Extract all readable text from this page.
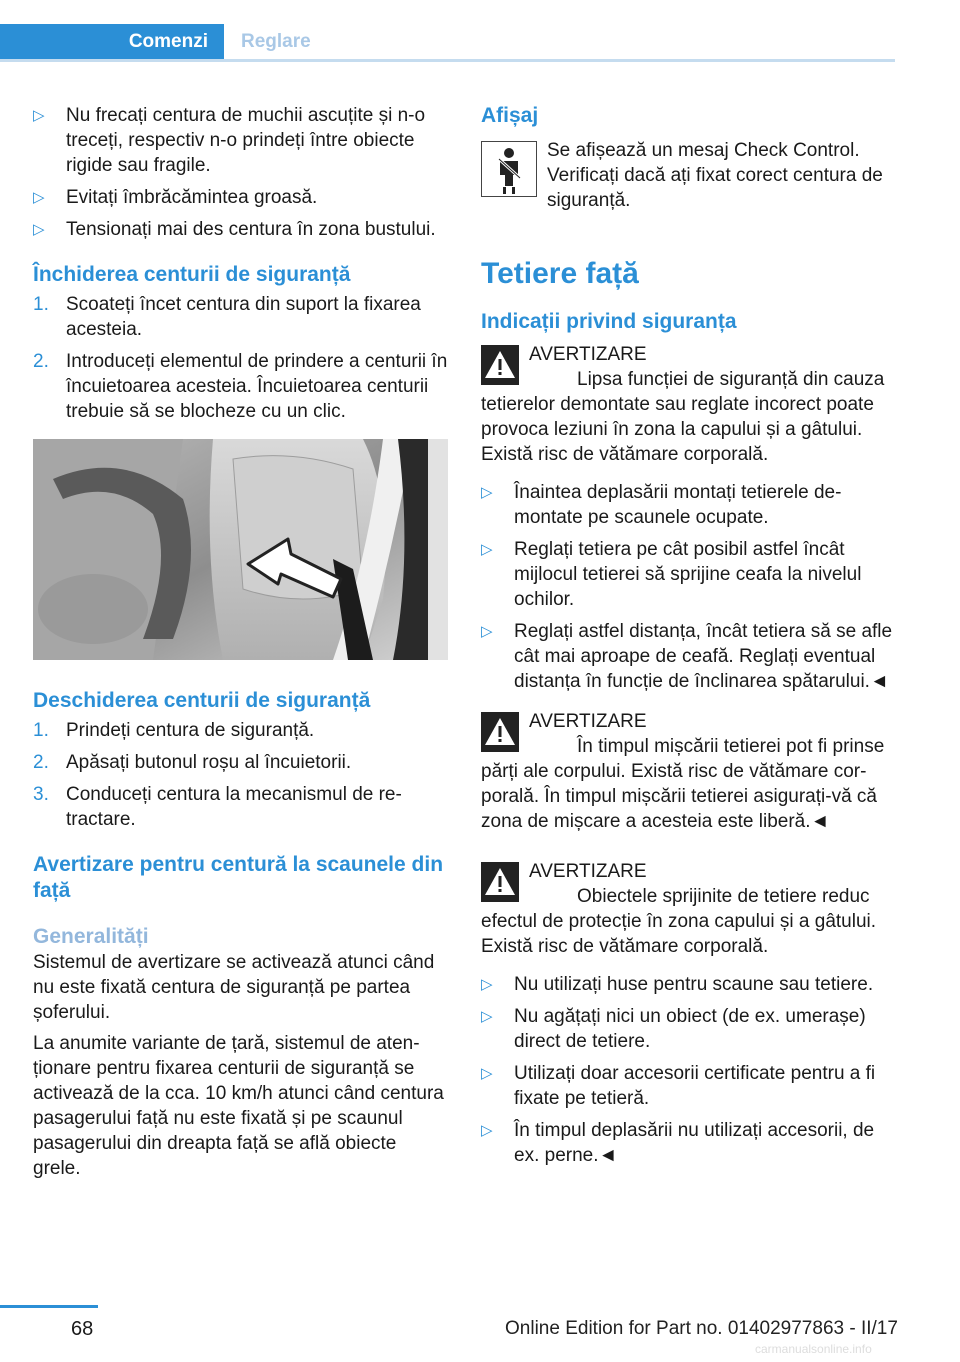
Comenzi	Reglare
▷ Nu frecați centura de muchii ascuțite și n-o treceți, respectiv n-o prindeți între obiecte rigide sau fragile.
▷ Evitați îmbrăcămintea groasă.
▷ Tensionați mai des centura în zona bustului.
Închiderea centurii de siguranță
1. Scoateți încet centura din suport la fixarea acesteia.
2. Introduceți elementul de prindere a centurii în încuietoarea acesteia. Încuietoarea centurii trebuie să se blocheze cu un clic.
Deschiderea centurii de siguranță
1. Prindeți centura de siguranță.
2. Apăsați butonul roșu al încuietorii.
3. Conduceți centura la mecanismul de retractare.
Avertizare pentru centură la scaunele din față
Generalități

Sistemul de avertizare se activează atunci când nu este fixată centura de siguranță pe partea șoferului.

La anumite variante de țară, sistemul de atenționare pentru fixarea centurii de siguranță se activează de la cca. 10 km/h atunci când centura pasagerului față nu este fixată și pe scaunul pasagerului din dreapta față se află obiecte grele.

Afișaj
Se afișează un mesaj Check Control. Verificați dacă ați fixat corect centura de siguranță.
Tetiere față
Indicații privind siguranța
AVERTIZARE
Lipsa funcției de siguranță din cauza tetierelor demontate sau reglate incorect poate provoca leziuni în zona la capului și a gâtului. Există risc de vătămare corporală.
▷ Înaintea deplasării montați tetierele demontate pe scaunele ocupate.
▷ Reglați tetiera pe cât posibil astfel încât mijlocul tetierei să sprijine ceafa la nivelul ochilor.
▷ Reglați astfel distanța, încât tetiera să se afle cât mai aproape de ceafă. Reglați eventual distanța în funcție de înclinarea spătarului.◄
AVERTIZARE
În timpul mișcării tetierei pot fi prinse părți ale corpului. Există risc de vătămare corporală. În timpul mișcării tetierei asigurați-vă că zona de mișcare a acesteia este liberă.◄
AVERTIZARE
Obiectele sprijinite de tetiere reduc efectul de protecție în zona capului și a gâtului. Există risc de vătămare corporală.
▷ Nu utilizați huse pentru scaune sau tetiere.
▷ Nu agățați nici un obiect (de ex. umerașe) direct de tetiere.
▷ Utilizați doar accesorii certificate pentru a fi fixate pe tetieră.
▷ În timpul deplasării nu utilizați accesorii, de ex. perne.◄
68	Online Edition for Part no. 01402977863 - II/17
carmanualsonline.info
